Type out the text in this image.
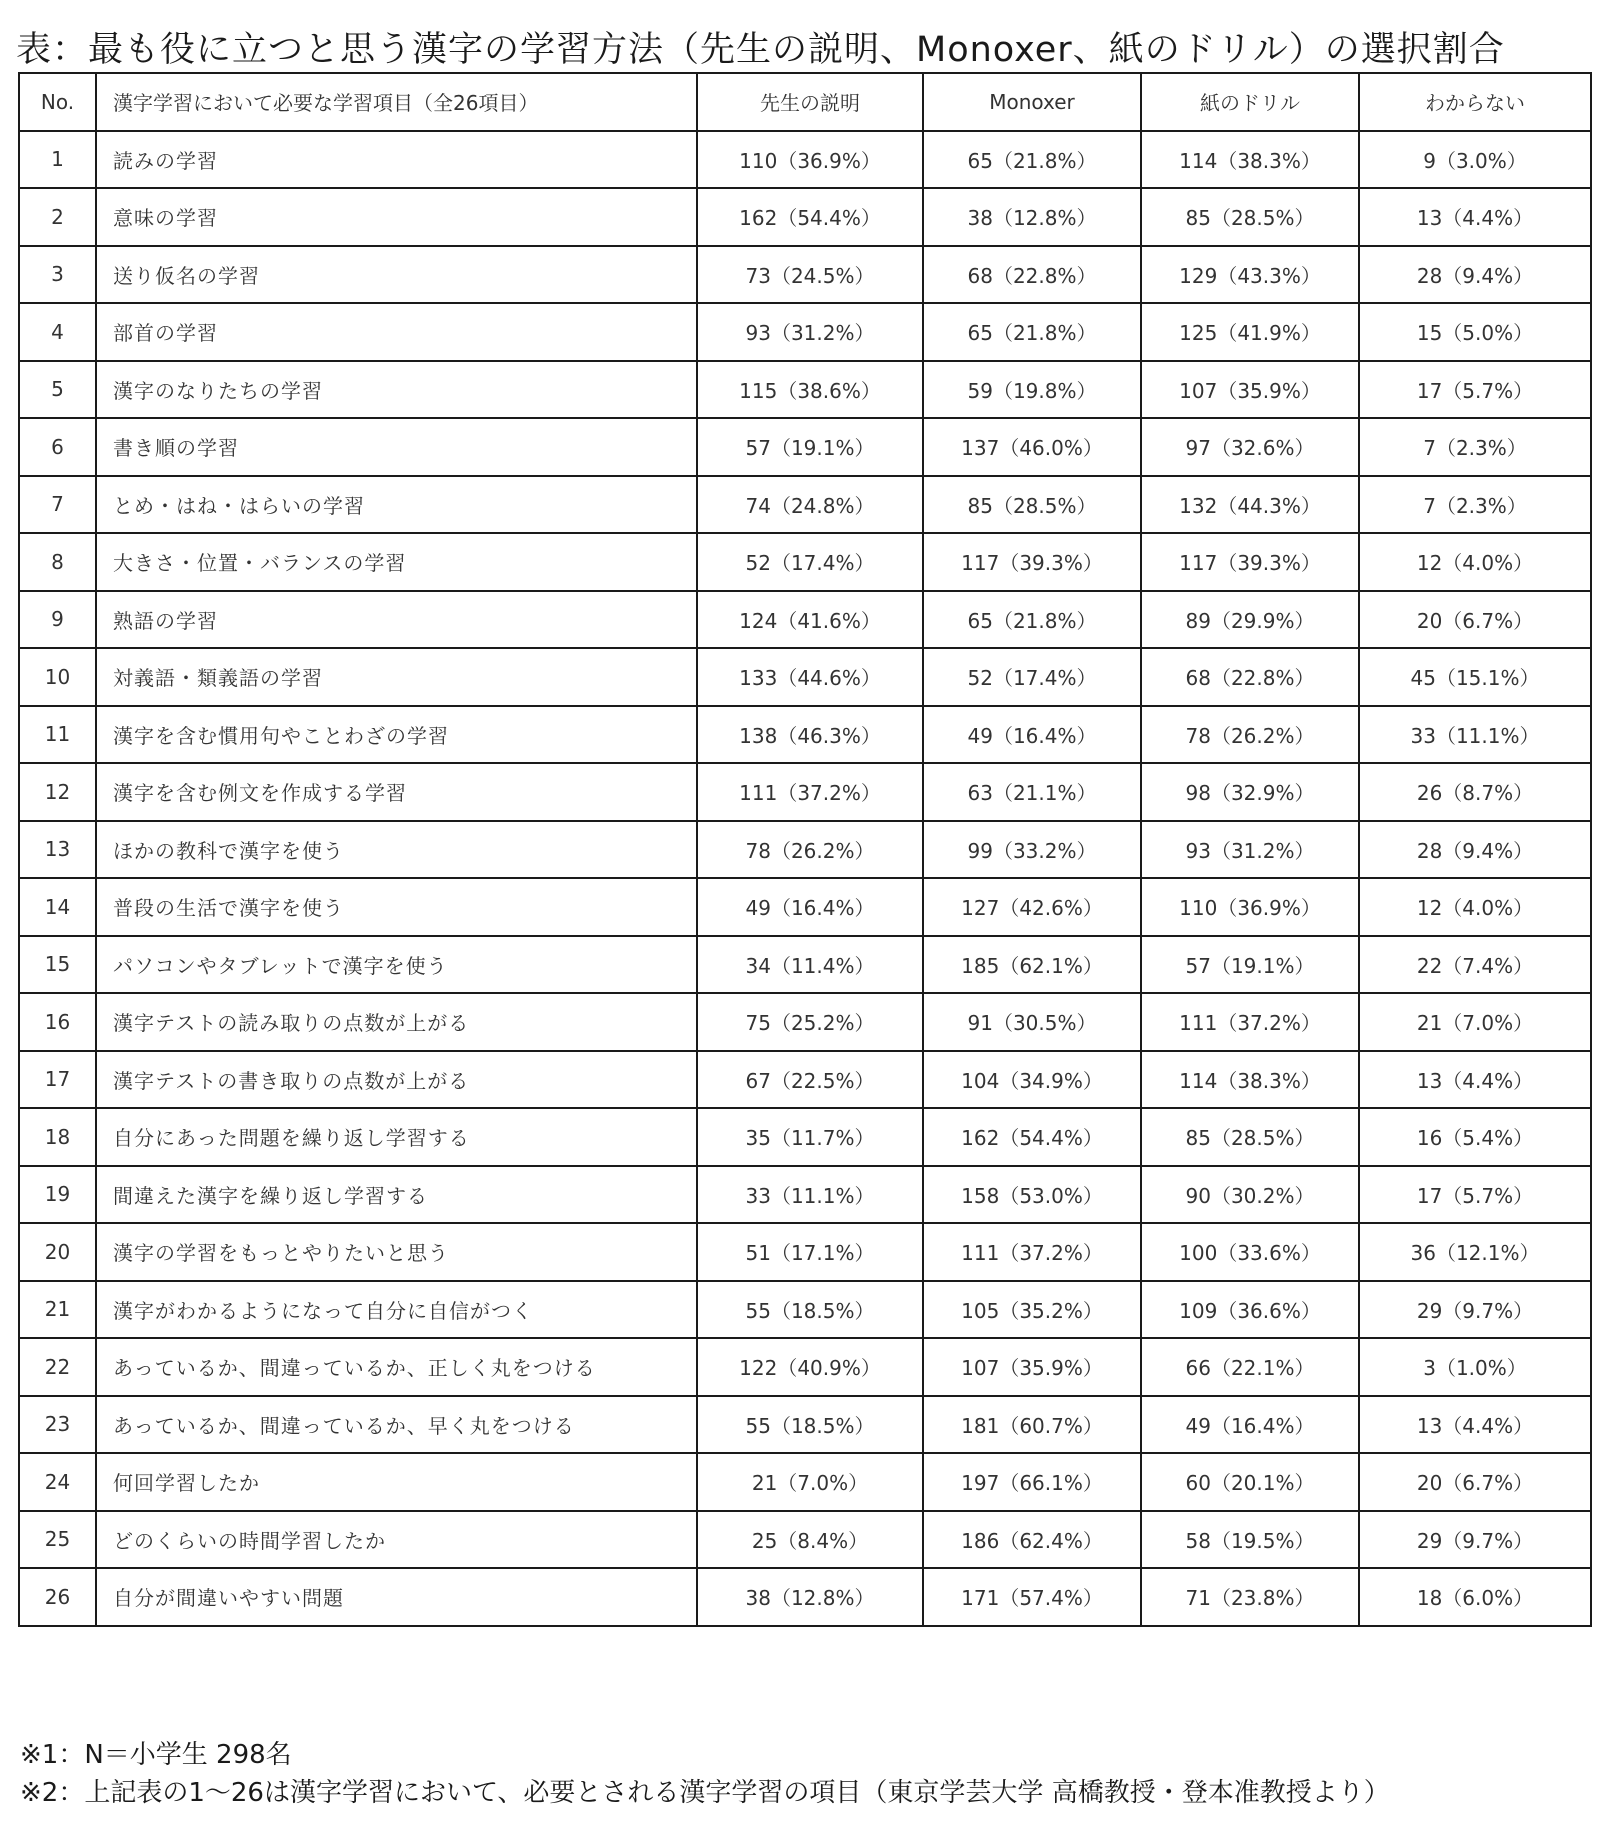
表：最も役に立つと思う漢字の学習方法（先生の説明、Monoxer、紙のドリル）の選択割合
No.	漢字学習において必要な学習項目（全26項目）	先生の説明	Monoxer	紙のドリル	わからない
1	読みの学習	110（36.9%）	65（21.8%）	114（38.3%）	9（3.0%）
2	意味の学習	162（54.4%）	38（12.8%）	85（28.5%）	13（4.4%）
3	送り仮名の学習	73（24.5%）	68（22.8%）	129（43.3%）	28（9.4%）
4	部首の学習	93（31.2%）	65（21.8%）	125（41.9%）	15（5.0%）
5	漢字のなりたちの学習	115（38.6%）	59（19.8%）	107（35.9%）	17（5.7%）
6	書き順の学習	57（19.1%）	137（46.0%）	97（32.6%）	7（2.3%）
7	とめ・はね・はらいの学習	74（24.8%）	85（28.5%）	132（44.3%）	7（2.3%）
8	大きさ・位置・バランスの学習	52（17.4%）	117（39.3%）	117（39.3%）	12（4.0%）
9	熟語の学習	124（41.6%）	65（21.8%）	89（29.9%）	20（6.7%）
10	対義語・類義語の学習	133（44.6%）	52（17.4%）	68（22.8%）	45（15.1%）
11	漢字を含む慣用句やことわざの学習	138（46.3%）	49（16.4%）	78（26.2%）	33（11.1%）
12	漢字を含む例文を作成する学習	111（37.2%）	63（21.1%）	98（32.9%）	26（8.7%）
13	ほかの教科で漢字を使う	78（26.2%）	99（33.2%）	93（31.2%）	28（9.4%）
14	普段の生活で漢字を使う	49（16.4%）	127（42.6%）	110（36.9%）	12（4.0%）
15	パソコンやタブレットで漢字を使う	34（11.4%）	185（62.1%）	57（19.1%）	22（7.4%）
16	漢字テストの読み取りの点数が上がる	75（25.2%）	91（30.5%）	111（37.2%）	21（7.0%）
17	漢字テストの書き取りの点数が上がる	67（22.5%）	104（34.9%）	114（38.3%）	13（4.4%）
18	自分にあった問題を繰り返し学習する	35（11.7%）	162（54.4%）	85（28.5%）	16（5.4%）
19	間違えた漢字を繰り返し学習する	33（11.1%）	158（53.0%）	90（30.2%）	17（5.7%）
20	漢字の学習をもっとやりたいと思う	51（17.1%）	111（37.2%）	100（33.6%）	36（12.1%）
21	漢字がわかるようになって自分に自信がつく	55（18.5%）	105（35.2%）	109（36.6%）	29（9.7%）
22	あっているか、間違っているか、正しく丸をつける	122（40.9%）	107（35.9%）	66（22.1%）	3（1.0%）
23	あっているか、間違っているか、早く丸をつける	55（18.5%）	181（60.7%）	49（16.4%）	13（4.4%）
24	何回学習したか	21（7.0%）	197（66.1%）	60（20.1%）	20（6.7%）
25	どのくらいの時間学習したか	25（8.4%）	186（62.4%）	58（19.5%）	29（9.7%）
26	自分が間違いやすい問題	38（12.8%）	171（57.4%）	71（23.8%）	18（6.0%）
※1：N＝小学生 298名
※2：上記表の1〜26は漢字学習において、必要とされる漢字学習の項目（東京学芸大学 高橋教授・登本准教授より）
